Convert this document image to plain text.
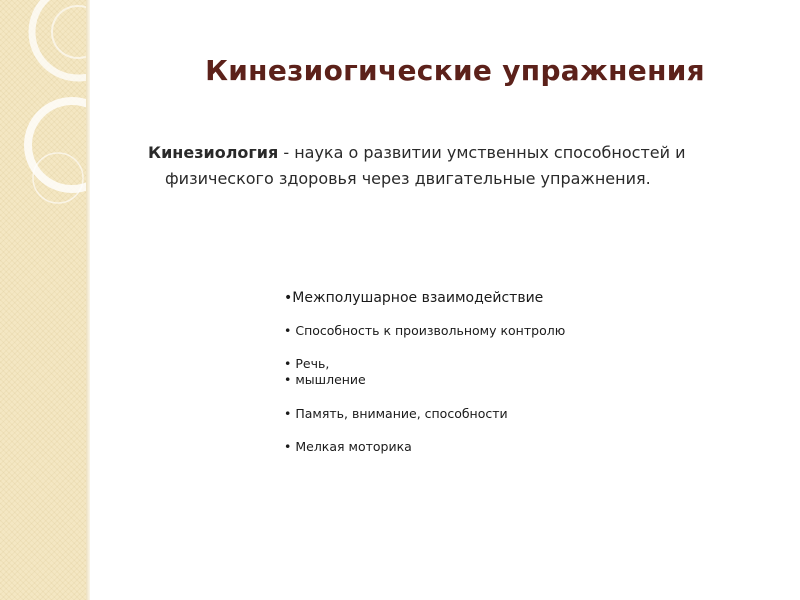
Кинезиогические упражнения

Кинезиология - наука о развитии умственных способностей и
физического здоровья через двигательные упражнения.

•Межполушарное взаимодействие
• Способность к произвольному контролю
• Речь,
• мышление
• Память, внимание, способности
• Мелкая моторика
